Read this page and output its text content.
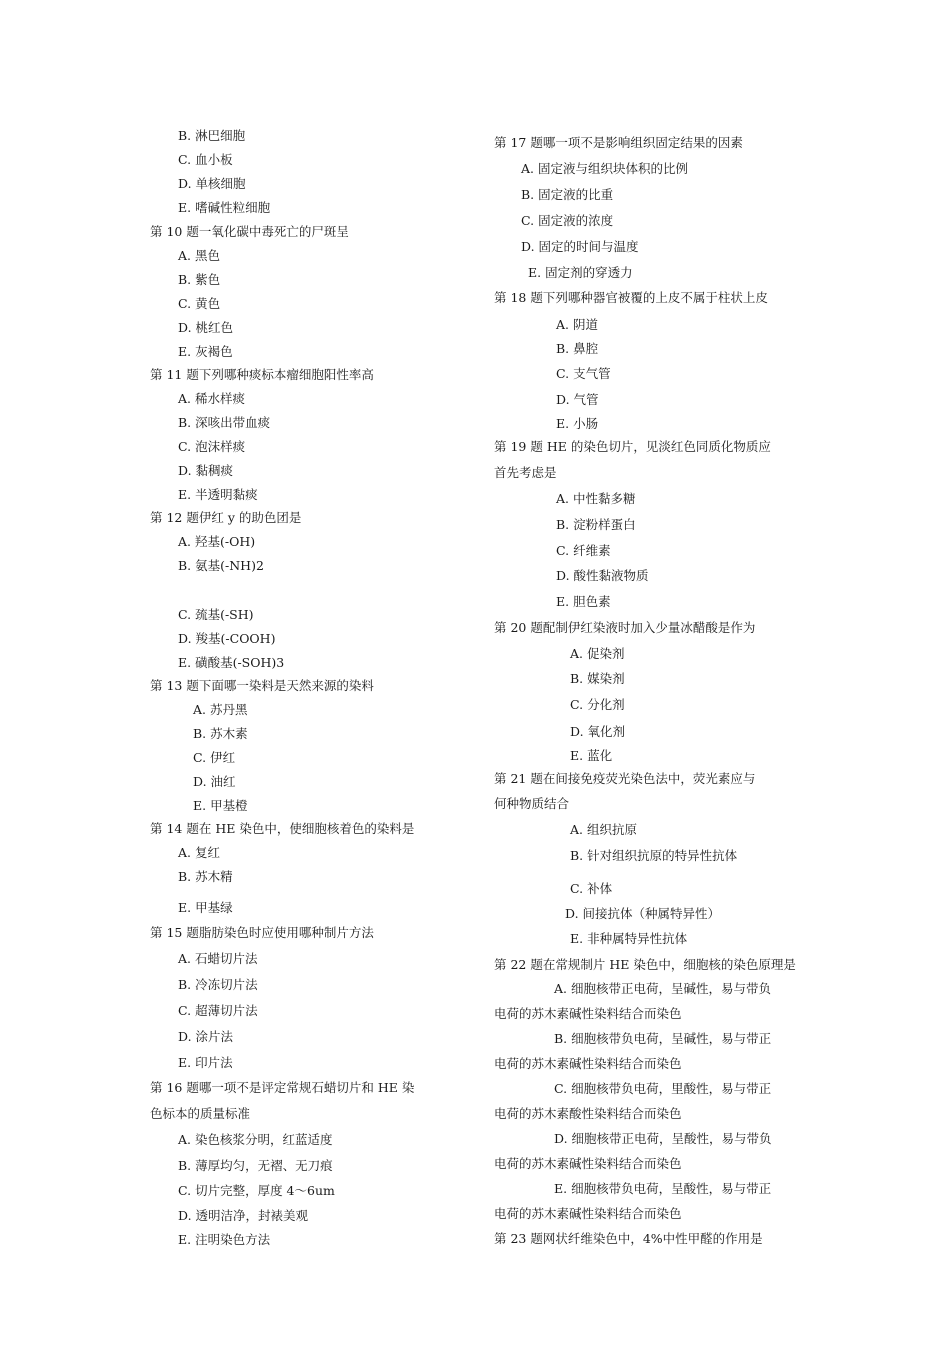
B. 淋巴细胞
C. 血小板
D. 单核细胞
E. 嗜碱性粒细胞
第 10 题一氧化碳中毒死亡的尸斑呈
A. 黑色
B. 紫色
C. 黄色
D. 桃红色
E. 灰褐色
第 11 题下列哪种痰标本瘤细胞阳性率高
A. 稀水样痰
B. 深咳出带血痰
C. 泡沫样痰
D. 黏稠痰
E. 半透明黏痰
第 12 题伊红 y 的助色团是
A. 羟基(-OH)
B. 氨基(-NH)2
C. 巯基(-SH)
D. 羧基(-COOH)
E. 磺酸基(-SOH)3
第 13 题下面哪一染料是天然来源的染料
A. 苏丹黑
B. 苏木素
C. 伊红
D. 油红
E. 甲基橙
第 14 题在 HE 染色中，使细胞核着色的染料是
A. 复红
B. 苏木精
E. 甲基绿
第 15 题脂肪染色时应使用哪种制片方法
A. 石蜡切片法
B. 冷冻切片法
C. 超薄切片法
D. 涂片法
E. 印片法
第 16 题哪一项不是评定常规石蜡切片和 HE 染
色标本的质量标准
A. 染色核浆分明，红蓝适度
B. 薄厚均匀，无褶、无刀痕
C. 切片完整，厚度 4～6um
D. 透明洁净，封裱美观
E. 注明染色方法
第 17 题哪一项不是影响组织固定结果的因素
A. 固定液与组织块体积的比例
B. 固定液的比重
C. 固定液的浓度
D. 固定的时间与温度
E. 固定剂的穿透力
第 18 题下列哪种器官被覆的上皮不属于柱状上皮
A. 阴道
B. 鼻腔
C. 支气管
D. 气管
E. 小肠
第 19 题 HE 的染色切片，见淡红色同质化物质应
首先考虑是
A. 中性黏多糖
B. 淀粉样蛋白
C. 纤维素
D. 酸性黏液物质
E. 胆色素
第 20 题配制伊红染液时加入少量冰醋酸是作为
A. 促染剂
B. 媒染剂
C. 分化剂
D. 氧化剂
E. 蓝化
第 21 题在间接免疫荧光染色法中，荧光素应与
何种物质结合
A. 组织抗原
B. 针对组织抗原的特异性抗体
C. 补体
D. 间接抗体（种属特异性）
E. 非种属特异性抗体
第 22 题在常规制片 HE 染色中，细胞核的染色原理是
A. 细胞核带正电荷，呈碱性，易与带负
电荷的苏木素碱性染料结合而染色
B. 细胞核带负电荷，呈碱性，易与带正
电荷的苏木素碱性染料结合而染色
C. 细胞核带负电荷，里酸性，易与带正
电荷的苏木素酸性染料结合而染色
D. 细胞核带正电荷，呈酸性，易与带负
电荷的苏木素碱性染料结合而染色
E. 细胞核带负电荷，呈酸性，易与带正
电荷的苏木素碱性染料结合而染色
第 23 题网状纤维染色中，4%中性甲醛的作用是
